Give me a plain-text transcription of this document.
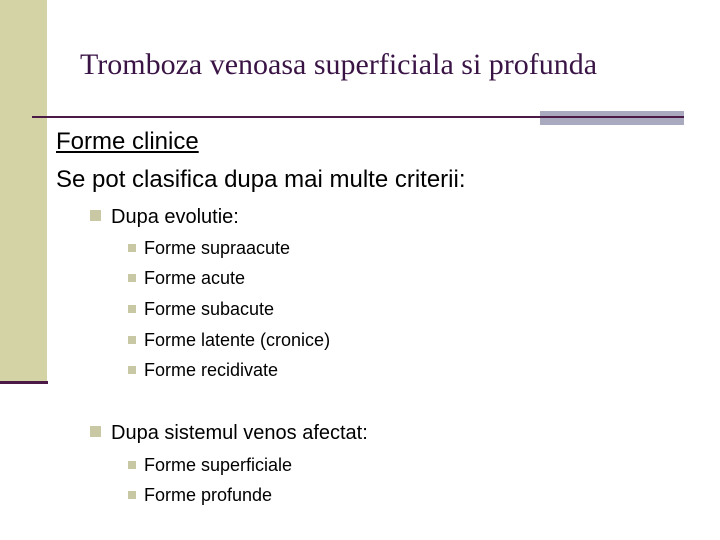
Tromboza venoasa superficiala si profunda
Forme clinice
Se pot clasifica dupa mai multe criterii:
Dupa evolutie:
Forme supraacute
Forme acute
Forme subacute
Forme latente (cronice)
Forme recidivate
Dupa sistemul venos afectat:
Forme superficiale
Forme profunde
